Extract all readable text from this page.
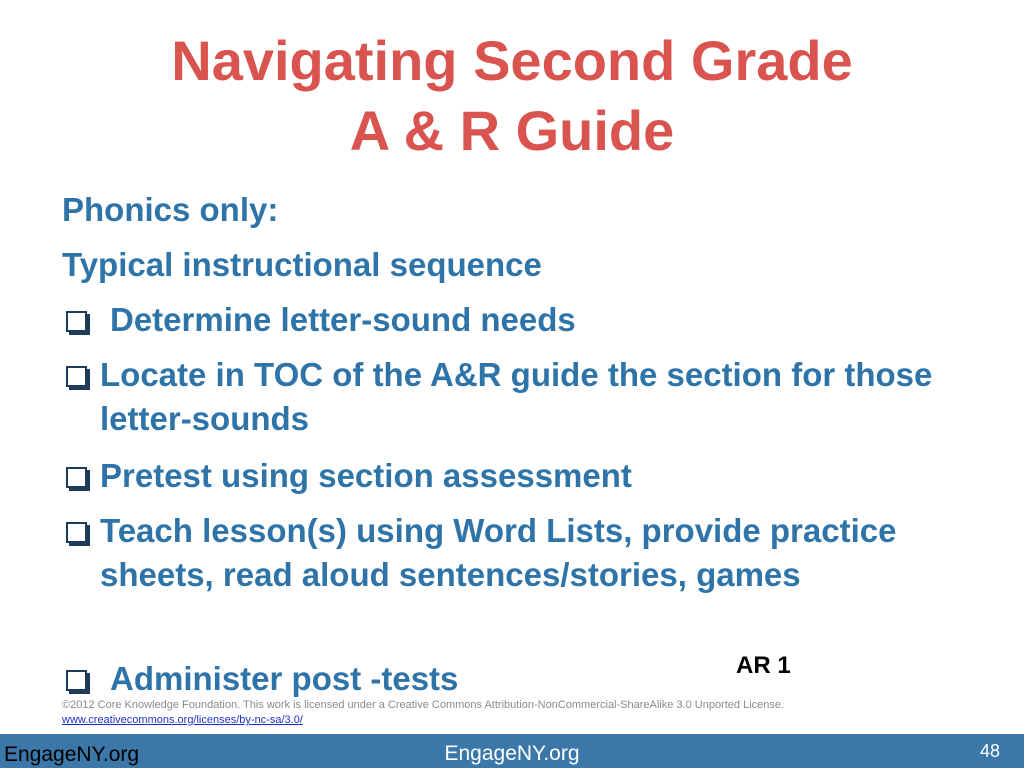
Navigating Second Grade
A & R Guide
Phonics only:
Typical instructional sequence
Determine letter-sound needs
Locate in TOC of the A&R guide the section for those letter-sounds
Pretest using section assessment
Teach lesson(s) using Word Lists, provide practice sheets, read aloud sentences/stories, games
Administer post -tests	AR 1
©2012 Core Knowledge Foundation. This work is licensed under a Creative Commons Attribution-NonCommercial-ShareAlike 3.0 Unported License.
www.creativecommons.org/licenses/by-nc-sa/3.0/
EngageNY.org
EngageNY.org	48
